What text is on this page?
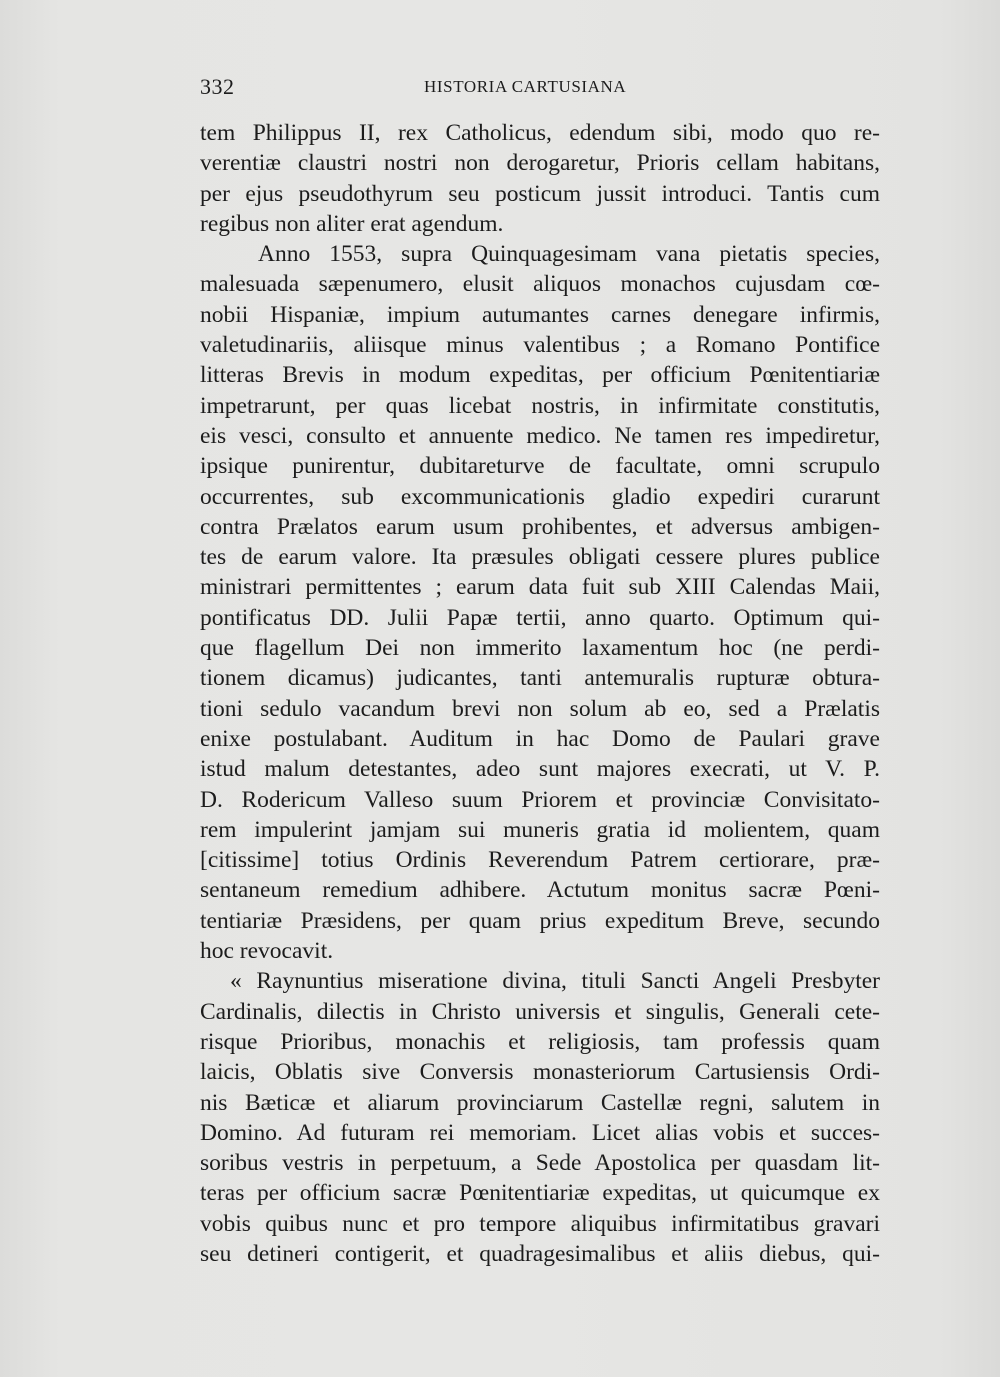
332	HISTORIA CARTUSIANA
tem Philippus II, rex Catholicus, edendum sibi, modo quo re-
verentiæ claustri nostri non derogaretur, Prioris cellam habitans,
per ejus pseudothyrum seu posticum jussit introduci. Tantis cum
regibus non aliter erat agendum.
Anno 1553, supra Quinquagesimam vana pietatis species,
malesuada sæpenumero, elusit aliquos monachos cujusdam cœ-
nobii Hispaniæ, impium autumantes carnes denegare infirmis,
valetudinariis, aliisque minus valentibus ; a Romano Pontifice
litteras Brevis in modum expeditas, per officium Pœnitentiariæ
impetrarunt, per quas licebat nostris, in infirmitate constitutis,
eis vesci, consulto et annuente medico. Ne tamen res impediretur,
ipsique punirentur, dubitareturve de facultate, omni scrupulo
occurrentes, sub excommunicationis gladio expediri curarunt
contra Prælatos earum usum prohibentes, et adversus ambigen-
tes de earum valore. Ita præsules obligati cessere plures publice
ministrari permittentes ; earum data fuit sub XIII Calendas Maii,
pontificatus DD. Julii Papæ tertii, anno quarto. Optimum qui-
que flagellum Dei non immerito laxamentum hoc (ne perdi-
tionem dicamus) judicantes, tanti antemuralis rupturæ obtura-
tioni sedulo vacandum brevi non solum ab eo, sed a Prælatis
enixe postulabant. Auditum in hac Domo de Paulari grave
istud malum detestantes, adeo sunt majores execrati, ut V. P.
D. Rodericum Valleso suum Priorem et provinciæ Convisitato-
rem impulerint jamjam sui muneris gratia id molientem, quam
[citissime] totius Ordinis Reverendum Patrem certiorare, præ-
sentaneum remedium adhibere. Actutum monitus sacræ Pœni-
tentiariæ Præsidens, per quam prius expeditum Breve, secundo
hoc revocavit.
« Raynuntius miseratione divina, tituli Sancti Angeli Presbyter
Cardinalis, dilectis in Christo universis et singulis, Generali cete-
risque Prioribus, monachis et religiosis, tam professis quam
laicis, Oblatis sive Conversis monasteriorum Cartusiensis Ordi-
nis Bæticæ et aliarum provinciarum Castellæ regni, salutem in
Domino. Ad futuram rei memoriam. Licet alias vobis et succes-
soribus vestris in perpetuum, a Sede Apostolica per quasdam lit-
teras per officium sacræ Pœnitentiariæ expeditas, ut quicumque ex
vobis quibus nunc et pro tempore aliquibus infirmitatibus gravari
seu detineri contigerit, et quadragesimalibus et aliis diebus, qui-
